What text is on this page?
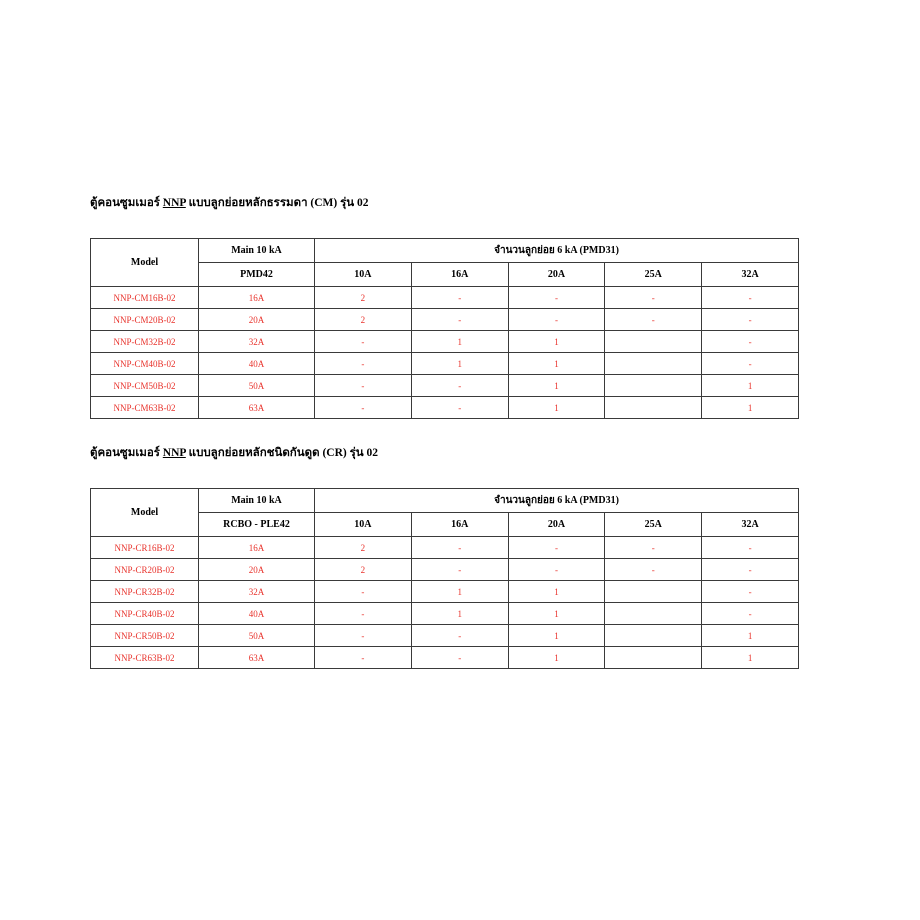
ตู้คอนซูมเมอร์ NNP แบบลูกย่อยหลักธรรมดา (CM) รุ่น 02
Model	Main 10 kA	จำนวนลูกย่อย 6 kA (PMD31)				
	PMD42	10A	16A	20A	25A	32A
NNP-CM16B-02	16A	2	-	-	-	-
NNP-CM20B-02	20A	2	-	-	-	-
NNP-CM32B-02	32A	-	1	1		-
NNP-CM40B-02	40A	-	1	1		-
NNP-CM50B-02	50A	-	-	1		1
NNP-CM63B-02	63A	-	-	1		1
ตู้คอนซูมเมอร์ NNP แบบลูกย่อยหลักชนิดกันดูด (CR) รุ่น 02
Model	Main 10 kA	จำนวนลูกย่อย 6 kA (PMD31)				
	RCBO - PLE42	10A	16A	20A	25A	32A
NNP-CR16B-02	16A	2	-	-	-	-
NNP-CR20B-02	20A	2	-	-	-	-
NNP-CR32B-02	32A	-	1	1		-
NNP-CR40B-02	40A	-	1	1		-
NNP-CR50B-02	50A	-	-	1		1
NNP-CR63B-02	63A	-	-	1		1
